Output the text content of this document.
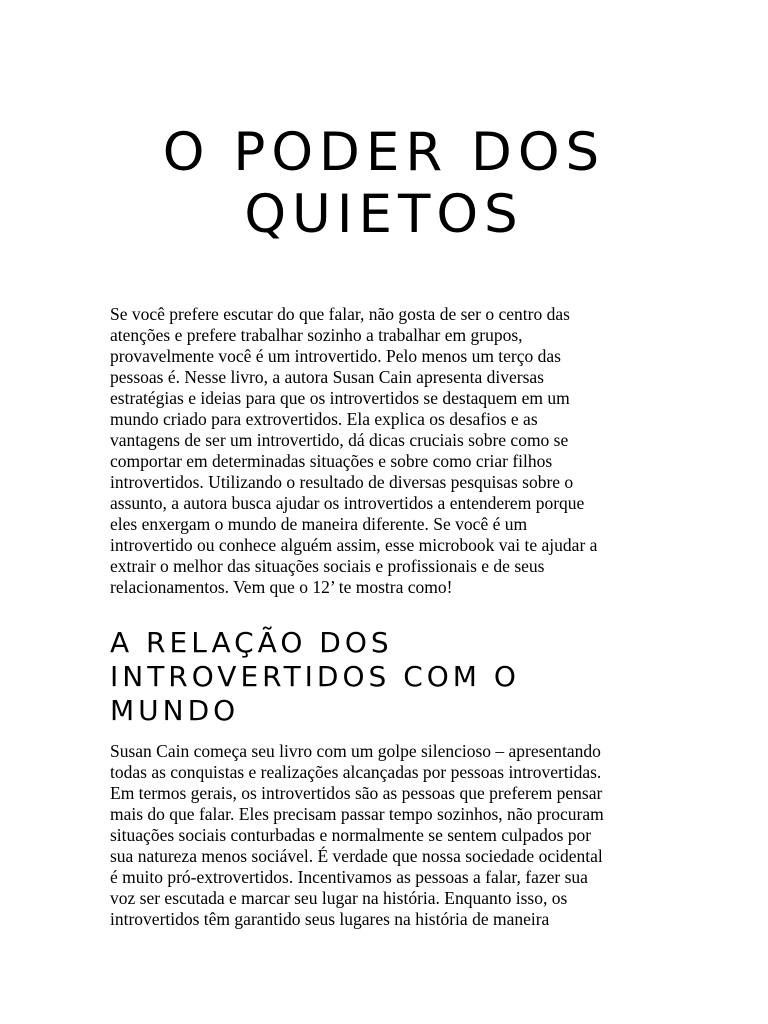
O PODER DOS
QUIETOS

Se você prefere escutar do que falar, não gosta de ser o centro das
atenções e prefere trabalhar sozinho a trabalhar em grupos,
provavelmente você é um introvertido. Pelo menos um terço das
pessoas é. Nesse livro, a autora Susan Cain apresenta diversas
estratégias e ideias para que os introvertidos se destaquem em um
mundo criado para extrovertidos. Ela explica os desafios e as
vantagens de ser um introvertido, dá dicas cruciais sobre como se
comportar em determinadas situações e sobre como criar filhos
introvertidos. Utilizando o resultado de diversas pesquisas sobre o
assunto, a autora busca ajudar os introvertidos a entenderem porque
eles enxergam o mundo de maneira diferente. Se você é um
introvertido ou conhece alguém assim, esse microbook vai te ajudar a
extrair o melhor das situações sociais e profissionais e de seus
relacionamentos. Vem que o 12’ te mostra como!

A RELAÇÃO DOS
INTROVERTIDOS COM O
MUNDO

Susan Cain começa seu livro com um golpe silencioso – apresentando
todas as conquistas e realizações alcançadas por pessoas introvertidas.
Em termos gerais, os introvertidos são as pessoas que preferem pensar
mais do que falar. Eles precisam passar tempo sozinhos, não procuram
situações sociais conturbadas e normalmente se sentem culpados por
sua natureza menos sociável. É verdade que nossa sociedade ocidental
é muito pró-extrovertidos. Incentivamos as pessoas a falar, fazer sua
voz ser escutada e marcar seu lugar na história. Enquanto isso, os
introvertidos têm garantido seus lugares na história de maneira
